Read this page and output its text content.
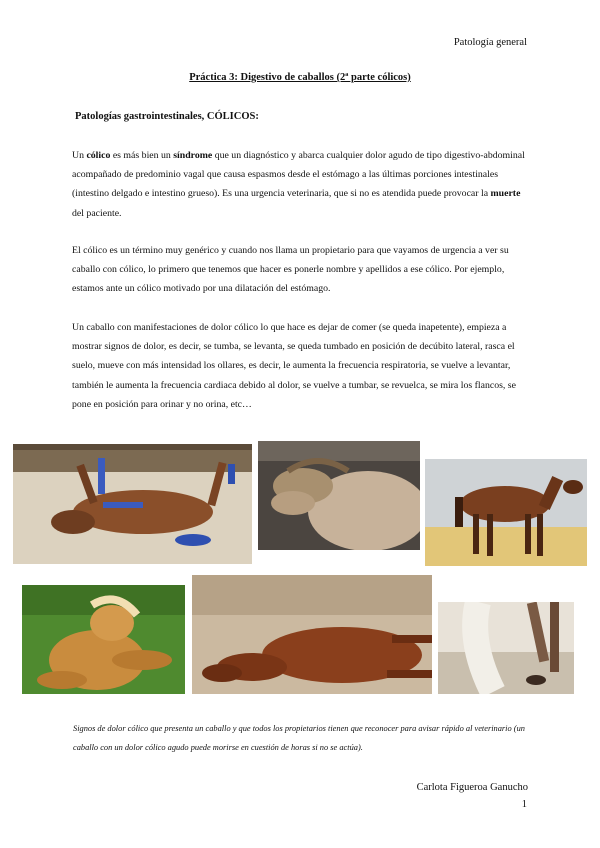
Patología general
Práctica 3: Digestivo de caballos (2ª parte cólicos)
Patologías gastrointestinales, CÓLICOS:
Un cólico es más bien un síndrome que un diagnóstico y abarca cualquier dolor agudo de tipo digestivo-abdominal acompañado de predominio vagal que causa espasmos desde el estómago a las últimas porciones intestinales (intestino delgado e intestino grueso). Es una urgencia veterinaria, que si no es atendida puede provocar la muerte del paciente.
El cólico es un término muy genérico y cuando nos llama un propietario para que vayamos de urgencia a ver su caballo con cólico, lo primero que tenemos que hacer es ponerle nombre y apellidos a ese cólico. Por ejemplo, estamos ante un cólico motivado por una dilatación del estómago.
Un caballo con manifestaciones de dolor cólico lo que hace es dejar de comer (se queda inapetente), empieza a mostrar signos de dolor, es decir, se tumba, se levanta, se queda tumbado en posición de decúbito lateral, rasca el suelo, mueve con más intensidad los ollares, es decir, le aumenta la frecuencia respiratoria, se vuelve a levantar, también le aumenta la frecuencia cardiaca debido al dolor, se vuelve a tumbar, se revuelca, se mira los flancos, se pone en posición para orinar y no orina, etc…
Signos de dolor cólico que presenta un caballo y que todos los propietarios tienen que reconocer para avisar rápido al veterinario (un caballo con un dolor cólico agudo puede morirse en cuestión de horas si no se actúa).
Carlota Figueroa Ganucho
1
